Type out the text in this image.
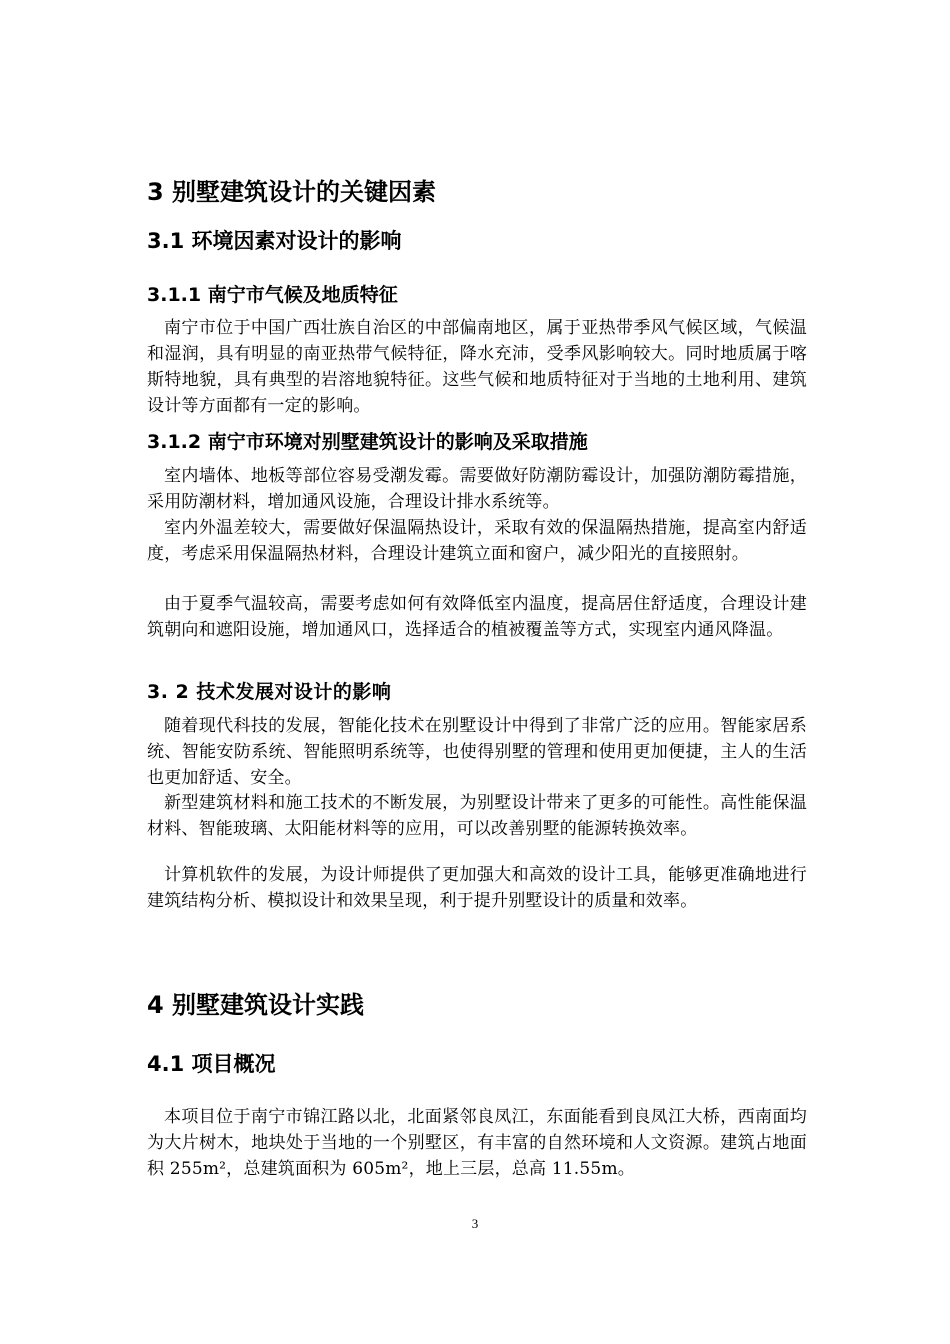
3 别墅建筑设计的关键因素
3.1 环境因素对设计的影响
3.1.1 南宁市气候及地质特征

南宁市位于中国广西壮族自治区的中部偏南地区，属于亚热带季风气候区域，气候温和湿润，具有明显的南亚热带气候特征，降水充沛，受季风影响较大。同时地质属于喀斯特地貌，具有典型的岩溶地貌特征。这些气候和地质特征对于当地的土地利用、建筑设计等方面都有一定的影响。

3.1.2 南宁市环境对别墅建筑设计的影响及采取措施

室内墙体、地板等部位容易受潮发霉。需要做好防潮防霉设计，加强防潮防霉措施，采用防潮材料，增加通风设施，合理设计排水系统等。

室内外温差较大，需要做好保温隔热设计，采取有效的保温隔热措施，提高室内舒适度，考虑采用保温隔热材料，合理设计建筑立面和窗户，减少阳光的直接照射。

由于夏季气温较高，需要考虑如何有效降低室内温度，提高居住舒适度，合理设计建筑朝向和遮阳设施，增加通风口，选择适合的植被覆盖等方式，实现室内通风降温。

3. 2 技术发展对设计的影响

随着现代科技的发展，智能化技术在别墅设计中得到了非常广泛的应用。智能家居系统、智能安防系统、智能照明系统等，也使得别墅的管理和使用更加便捷，主人的生活也更加舒适、安全。

新型建筑材料和施工技术的不断发展，为别墅设计带来了更多的可能性。高性能保温材料、智能玻璃、太阳能材料等的应用，可以改善别墅的能源转换效率。

计算机软件的发展，为设计师提供了更加强大和高效的设计工具，能够更准确地进行建筑结构分析、模拟设计和效果呈现，利于提升别墅设计的质量和效率。

4 别墅建筑设计实践
4.1 项目概况

本项目位于南宁市锦江路以北，北面紧邻良凤江，东面能看到良凤江大桥，西南面均为大片树木，地块处于当地的一个别墅区，有丰富的自然环境和人文资源。建筑占地面积 255m²，总建筑面积为 605m²，地上三层，总高 11.55m。

3
